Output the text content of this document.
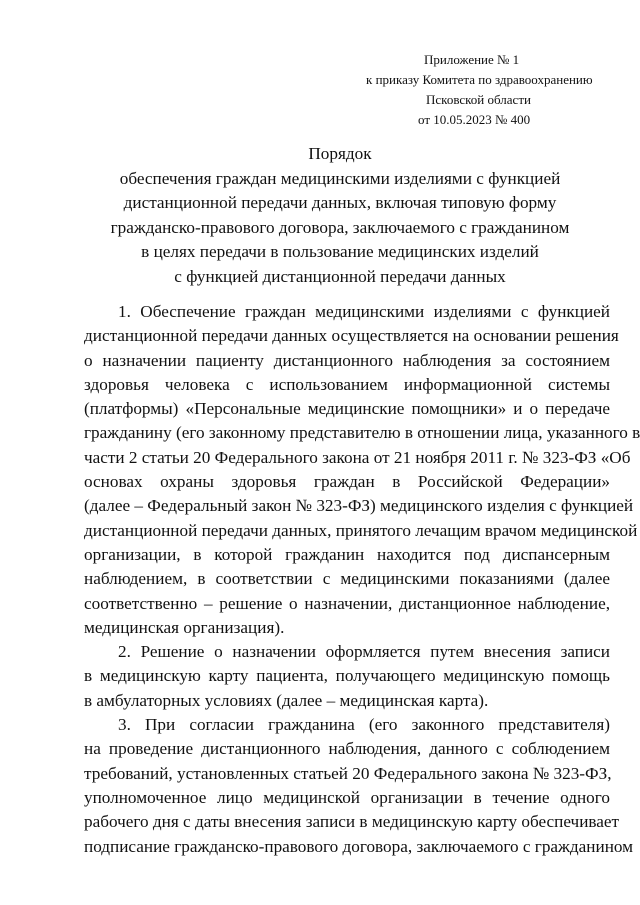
Приложение № 1
к приказу Комитета по здравоохранению
Псковской области
от 10.05.2023 № 400
Порядок
обеспечения граждан медицинскими изделиями с функцией
дистанционной передачи данных, включая типовую форму
гражданско-правового договора, заключаемого с гражданином
в целях передачи в пользование медицинских изделий
с функцией дистанционной передачи данных
1. Обеспечение граждан медицинскими изделиями с функцией
дистанционной передачи данных осуществляется на основании решения
о назначении пациенту дистанционного наблюдения за состоянием
здоровья человека с использованием информационной системы
(платформы) «Персональные медицинские помощники» и о передаче
гражданину (его законному представителю в отношении лица, указанного в
части 2 статьи 20 Федерального закона от 21 ноября 2011 г. № 323-ФЗ «Об
основах охраны здоровья граждан в Российской Федерации»
(далее – Федеральный закон № 323-ФЗ) медицинского изделия с функцией
дистанционной передачи данных, принятого лечащим врачом медицинской
организации, в которой гражданин находится под диспансерным
наблюдением, в соответствии с медицинскими показаниями (далее
соответственно – решение о назначении, дистанционное наблюдение,
медицинская организация).
2. Решение о назначении оформляется путем внесения записи
в медицинскую карту пациента, получающего медицинскую помощь
в амбулаторных условиях (далее – медицинская карта).
3. При согласии гражданина (его законного представителя)
на проведение дистанционного наблюдения, данного с соблюдением
требований, установленных статьей 20 Федерального закона № 323-ФЗ,
уполномоченное лицо медицинской организации в течение одного
рабочего дня с даты внесения записи в медицинскую карту обеспечивает
подписание гражданско-правового договора, заключаемого с гражданином
